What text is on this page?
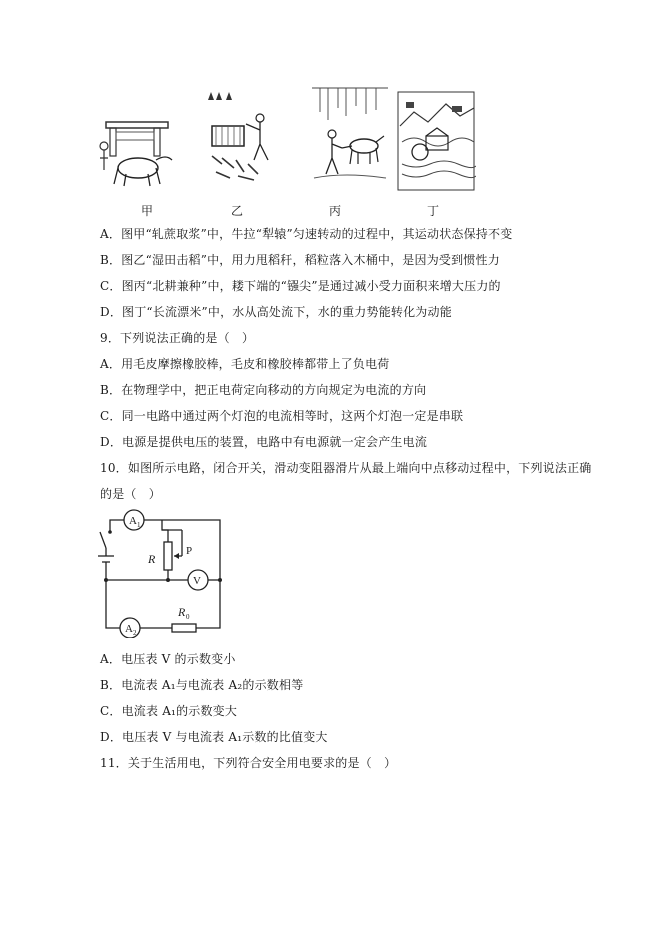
甲	乙	丙	丁
A．图甲“轧蔗取浆”中，牛拉“犁辕”匀速转动的过程中，其运动状态保持不变
B．图乙“湿田击稻”中，用力甩稻秆，稻粒落入木桶中，是因为受到惯性力
C．图丙“北耕兼种”中，耧下端的“镪尖”是通过减小受力面积来增大压力的
D．图丁“长流漂米”中，水从高处流下，水的重力势能转化为动能
9．下列说法正确的是（　）
A．用毛皮摩擦橡胶棒，毛皮和橡胶棒都带上了负电荷
B．在物理学中，把正电荷定向移动的方向规定为电流的方向
C．同一电路中通过两个灯泡的电流相等时，这两个灯泡一定是串联
D．电源是提供电压的装置，电路中有电源就一定会产生电流
10．如图所示电路，闭合开关，滑动变阻器滑片从最上端向中点移动过程中，下列说法正确
的是（　）
A 1
V
A 2
R
P
R 0
A．电压表 V 的示数变小
B．电流表 A₁与电流表 A₂的示数相等
C．电流表 A₁的示数变大
D．电压表 V 与电流表 A₁示数的比值变大
11．关于生活用电，下列符合安全用电要求的是（　）
